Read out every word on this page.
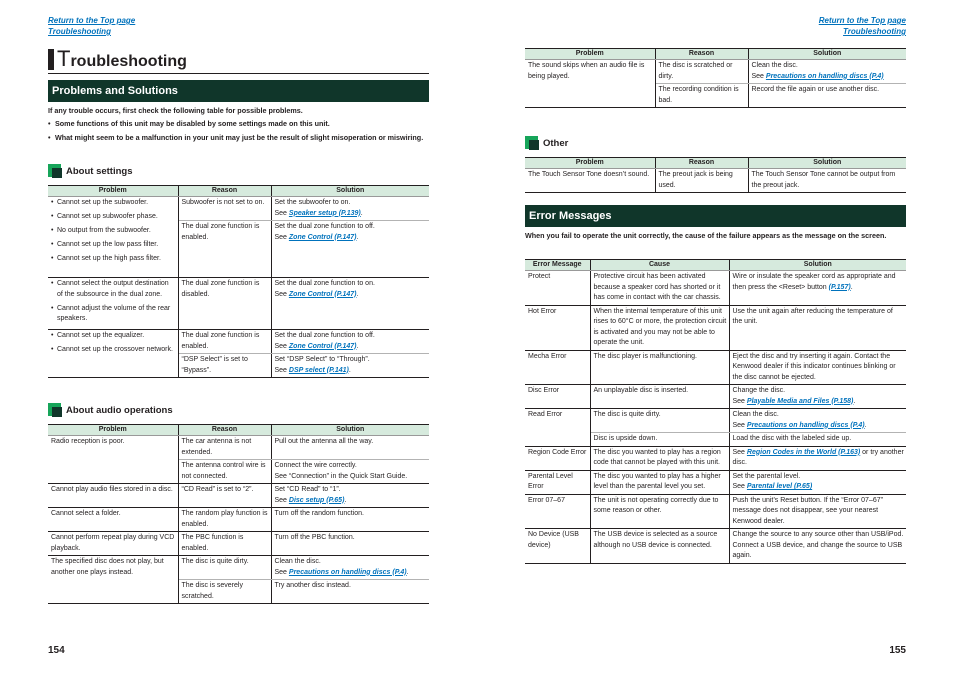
Return to the Top page
Troubleshooting
Return to the Top page
Troubleshooting
Troubleshooting
Problems and Solutions
If any trouble occurs, first check the following table for possible problems.
• Some functions of this unit may be disabled by some settings made on this unit.
• What might seem to be a malfunction in your unit may just be the result of slight misoperation or miswiring.
About settings
Problem	Reason	Solution

• Cannot set up the subwoofer.
• Cannot set up subwoofer phase.
• No output from the subwoofer.
• Cannot set up the low pass filter.
• Cannot set up the high pass filter.	Subwoofer is not set to on.	Set the subwoofer to on.
See Speaker setup (P.139).
	The dual zone function is enabled.	Set the dual zone function to off.
See Zone Control (P.147).

• Cannot select the output destination of the subsource in the dual zone.
• Cannot adjust the volume of the rear speakers.	The dual zone function is disabled.	Set the dual zone function to on.
See Zone Control (P.147).

• Cannot set up the equalizer.
• Cannot set up the crossover network.	The dual zone function is enabled.	Set the dual zone function to off.
See Zone Control (P.147).
	“DSP Select” is set to “Bypass”.	Set “DSP Select” to “Through”.
See DSP select (P.141).
About audio operations
Problem	Reason	Solution
Radio reception is poor.	The car antenna is not extended.	Pull out the antenna all the way.
	The antenna control wire is not connected.	Connect the wire correctly.
See “Connection” in the Quick Start Guide.
Cannot play audio files stored in a disc.	“CD Read” is set to “2”.	Set “CD Read” to “1”.
See Disc setup (P.65).
Cannot select a folder.	The random play function is enabled.	Turn off the random function.
Cannot perform repeat play during VCD playback.	The PBC function is enabled.	Turn off the PBC function.
The specified disc does not play, but another one plays instead.	The disc is quite dirty.	Clean the disc.
See Precautions on handling discs (P.4).
	The disc is severely scratched.	Try another disc instead.
154
Problem	Reason	Solution
The sound skips when an audio file is being played.	The disc is scratched or dirty.	Clean the disc.
See Precautions on handling discs (P.4)
	The recording condition is bad.	Record the file again or use another disc.
Other
Problem	Reason	Solution
The Touch Sensor Tone doesn’t sound.	The preout jack is being used.	The Touch Sensor Tone cannot be output from the preout jack.
Error Messages
When you fail to operate the unit correctly, the cause of the failure appears as the message on the screen.
Error Message	Cause	Solution
Protect	Protective circuit has been activated because a speaker cord has shorted or it has come in contact with the car chassis.	Wire or insulate the speaker cord as appropriate and then press the <Reset> button (P.157).
Hot Error	When the internal temperature of this unit rises to 60°C or more, the protection circuit is activated and you may not be able to operate the unit.	Use the unit again after reducing the temperature of the unit.
Mecha Error	The disc player is malfunctioning.	Eject the disc and try inserting it again. Contact the Kenwood dealer if this indicator continues blinking or the disc cannot be ejected.
Disc Error	An unplayable disc is inserted.	Change the disc.
See Playable Media and Files (P.158).
Read Error	The disc is quite dirty.	Clean the disc.
See Precautions on handling discs (P.4).
	Disc is upside down.	Load the disc with the labeled side up.
Region Code Error	The disc you wanted to play has a region code that cannot be played with this unit.	See Region Codes in the World (P.163) or try another disc.
Parental Level Error	The disc you wanted to play has a higher level than the parental level you set.	Set the parental level.
See Parental level (P.65)
Error 07–67	The unit is not operating correctly due to some reason or other.	Push the unit’s Reset button. If the “Error 07–67” message does not disappear, see your nearest Kenwood dealer.
No Device (USB device)	The USB device is selected as a source although no USB device is connected.	Change the source to any source other than USB/iPod. Connect a USB device, and change the source to USB again.
155
